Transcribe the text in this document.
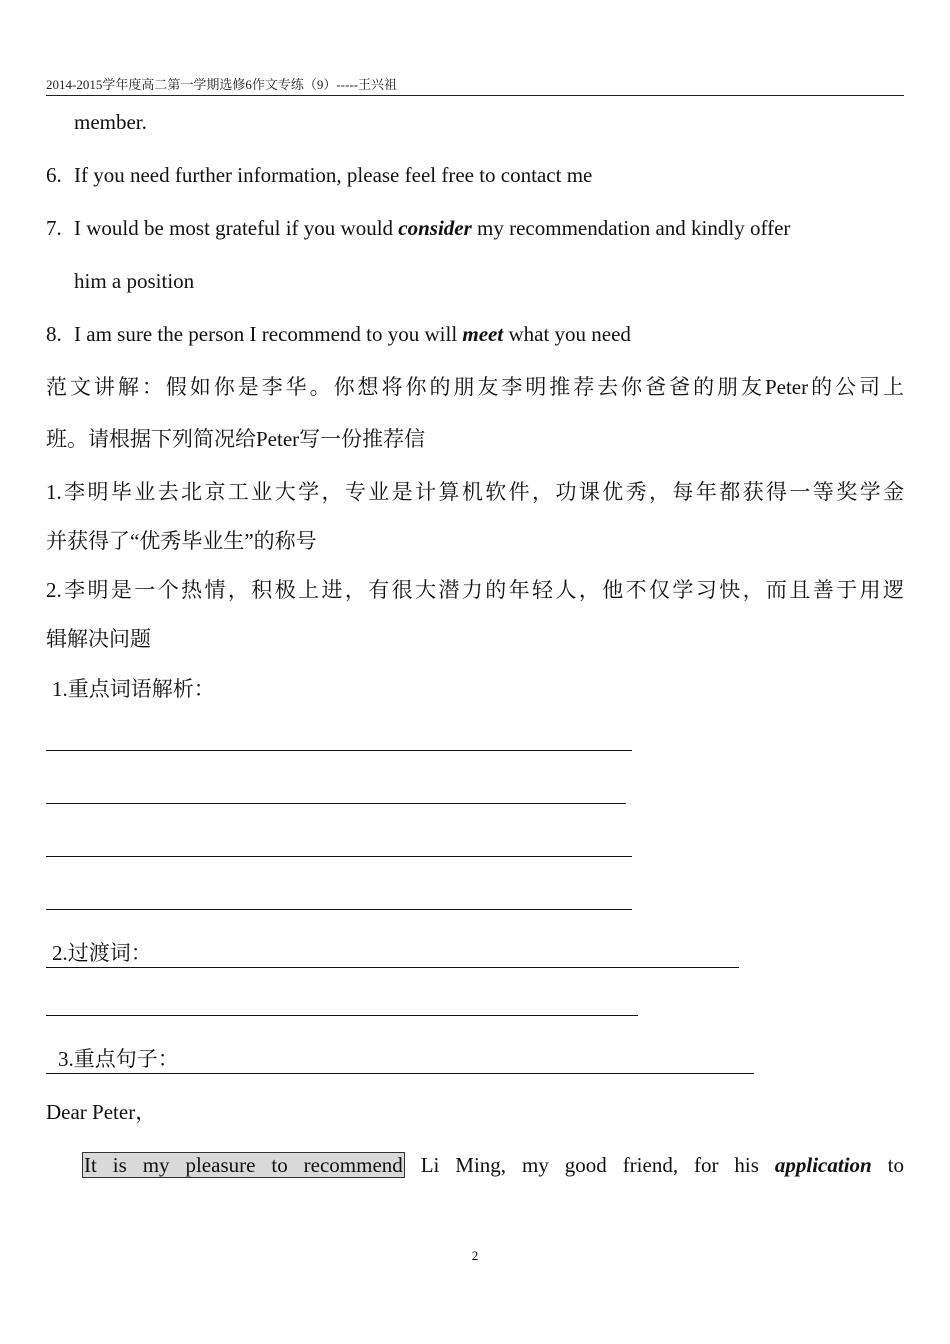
2014-2015学年度高二第一学期选修6作文专练（9）-----王兴祖
member.
6. If you need further information, please feel free to contact me
7. I would be most grateful if you would consider my recommendation and kindly offer
him a position
8. I am sure the person I recommend to you will meet what you need
范文讲解：假如你是李华。你想将你的朋友李明推荐去你爸爸的朋友Peter的公司上
班。请根据下列简况给Peter写一份推荐信
1.李明毕业去北京工业大学，专业是计算机软件，功课优秀，每年都获得一等奖学金
并获得了“优秀毕业生”的称号
2.李明是一个热情，积极上进，有很大潜力的年轻人，他不仅学习快，而且善于用逻
辑解决问题
1.重点词语解析：
2.过渡词：
3.重点句子：
Dear Peter，
It is my pleasure to recommend Li Ming, my good friend, for his application to
2
